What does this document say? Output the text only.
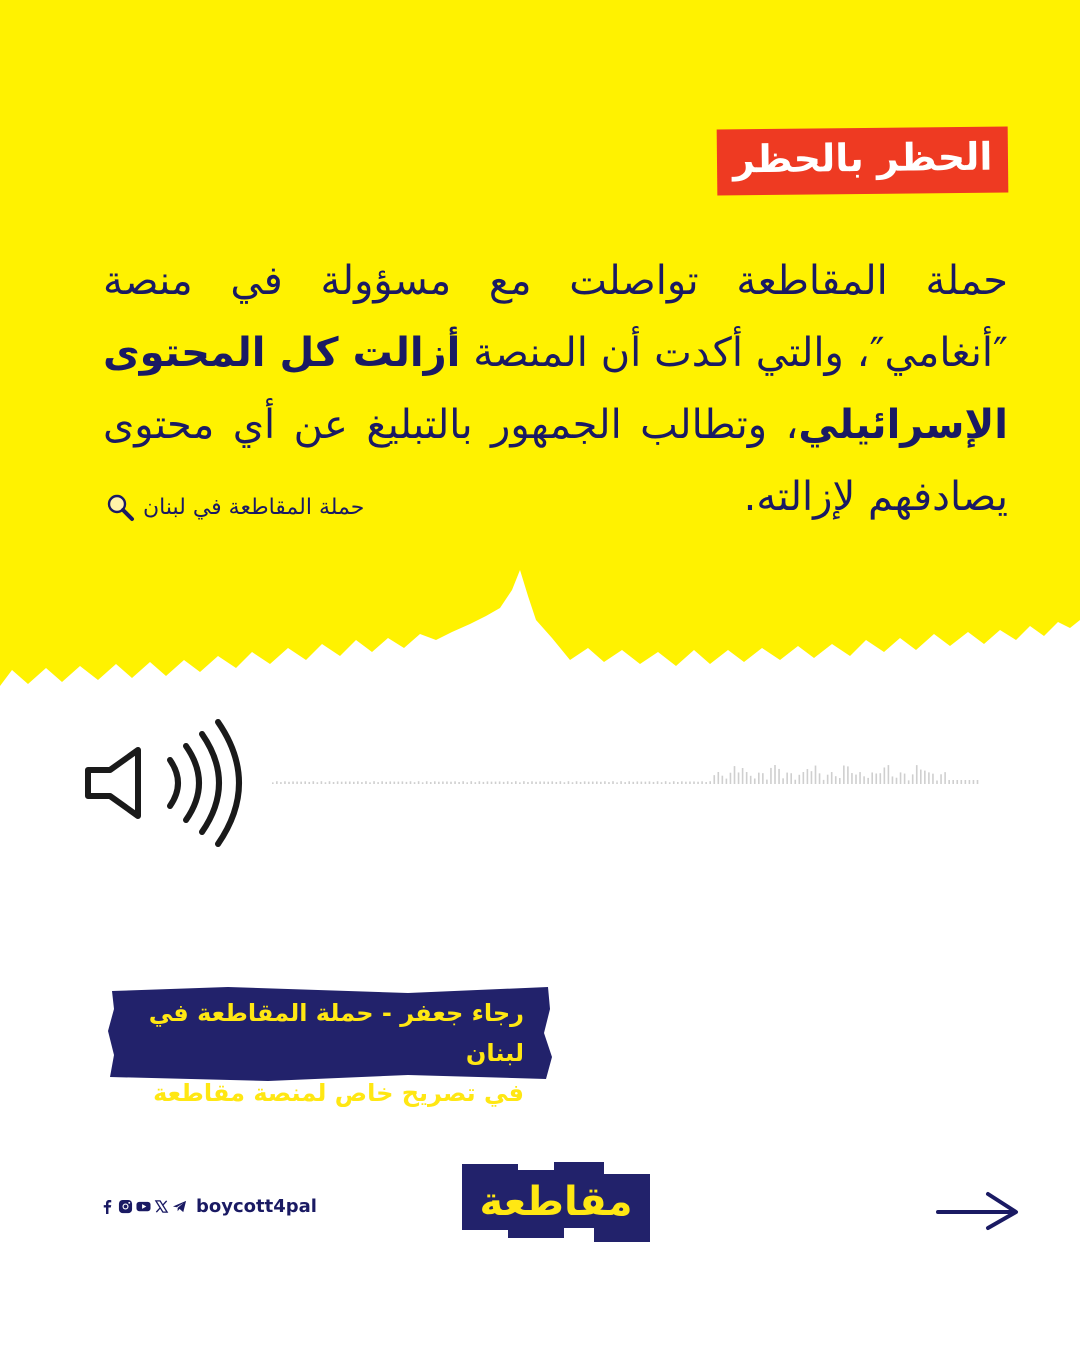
الحظر بالحظر
حملة المقاطعة تواصلت مع مسؤولة في منصة ″أنغامي″، والتي أكدت أن المنصة أزالت كل المحتوى الإسرائيلي، وتطالب الجمهور بالتبليغ عن أي محتوى يصادفهم لإزالته.
حملة المقاطعة في لبنان
رجاء جعفر - حملة المقاطعة في لبنان
في تصريح خاص لمنصة مقاطعة
boycott4pal	مقاطعة
